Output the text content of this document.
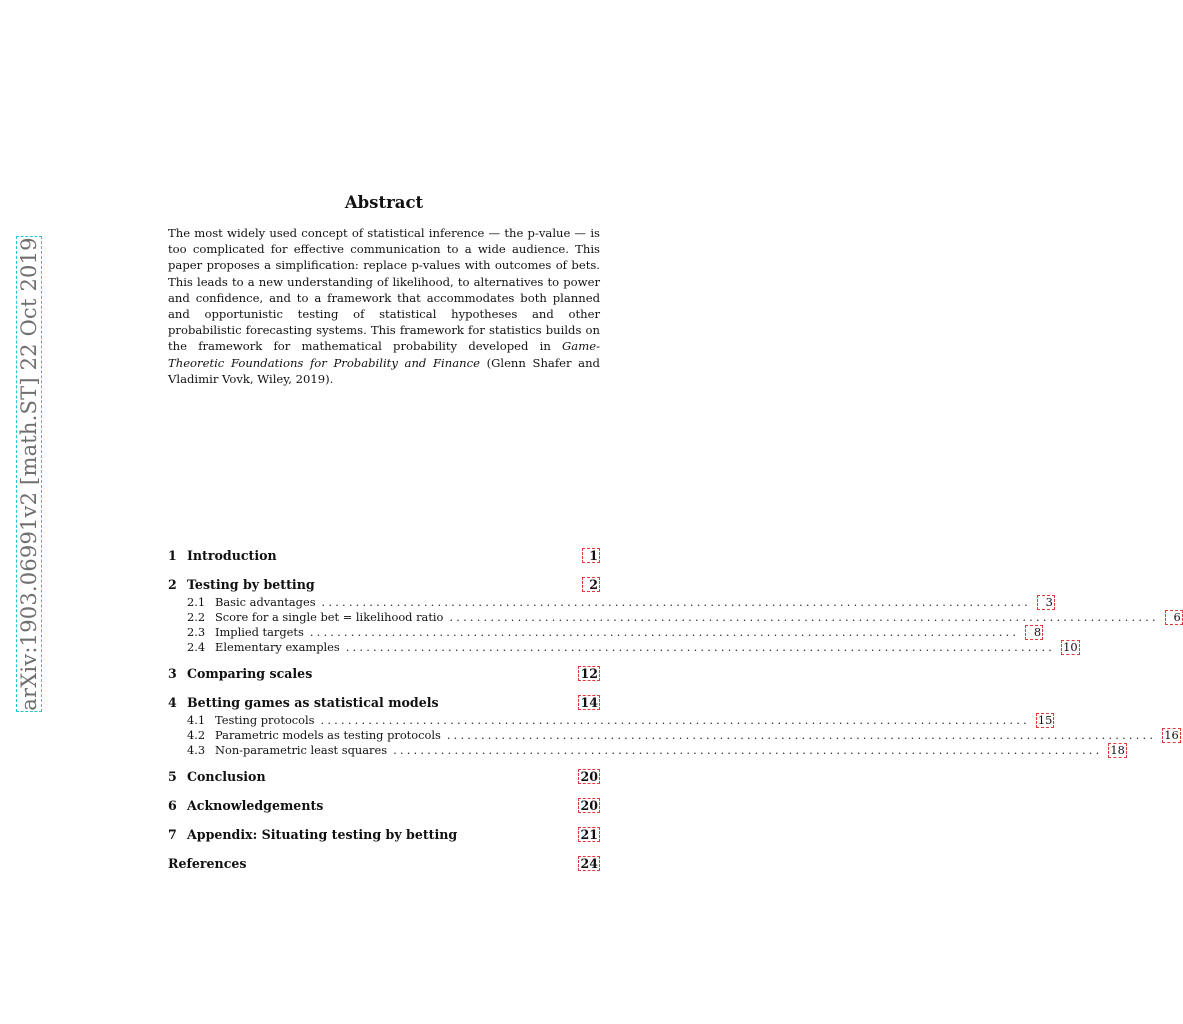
arXiv:1903.06991v2 [math.ST] 22 Oct 2019
Abstract

The most widely used concept of statistical inference — the p-value — is too complicated for effective communication to a wide audience. This paper proposes a simplification: replace p-values with outcomes of bets. This leads to a new understanding of likelihood, to alternatives to power and confidence, and to a framework that accommodates both planned and opportunistic testing of statistical hypotheses and other probabilistic forecasting systems. This framework for statistics builds on the framework for mathematical probability developed in Game-Theoretic Foundations for Probability and Finance (Glenn Shafer and Vladimir Vovk, Wiley, 2019).

1 Introduction	1
2 Testing by betting	2
2.1 Basic advantages ........................................................................................................	3
2.2 Score for a single bet = likelihood ratio ........................................................................................................	6
2.3 Implied targets ........................................................................................................	8
2.4 Elementary examples ........................................................................................................ 10
3 Comparing scales	12
4 Betting games as statistical models	14
4.1 Testing protocols ........................................................................................................ 15
4.2 Parametric models as testing protocols ........................................................................................................ 16
4.3 Non-parametric least squares ........................................................................................................ 18
5 Conclusion	20
6 Acknowledgements	20
7 Appendix: Situating testing by betting	21
References	24
